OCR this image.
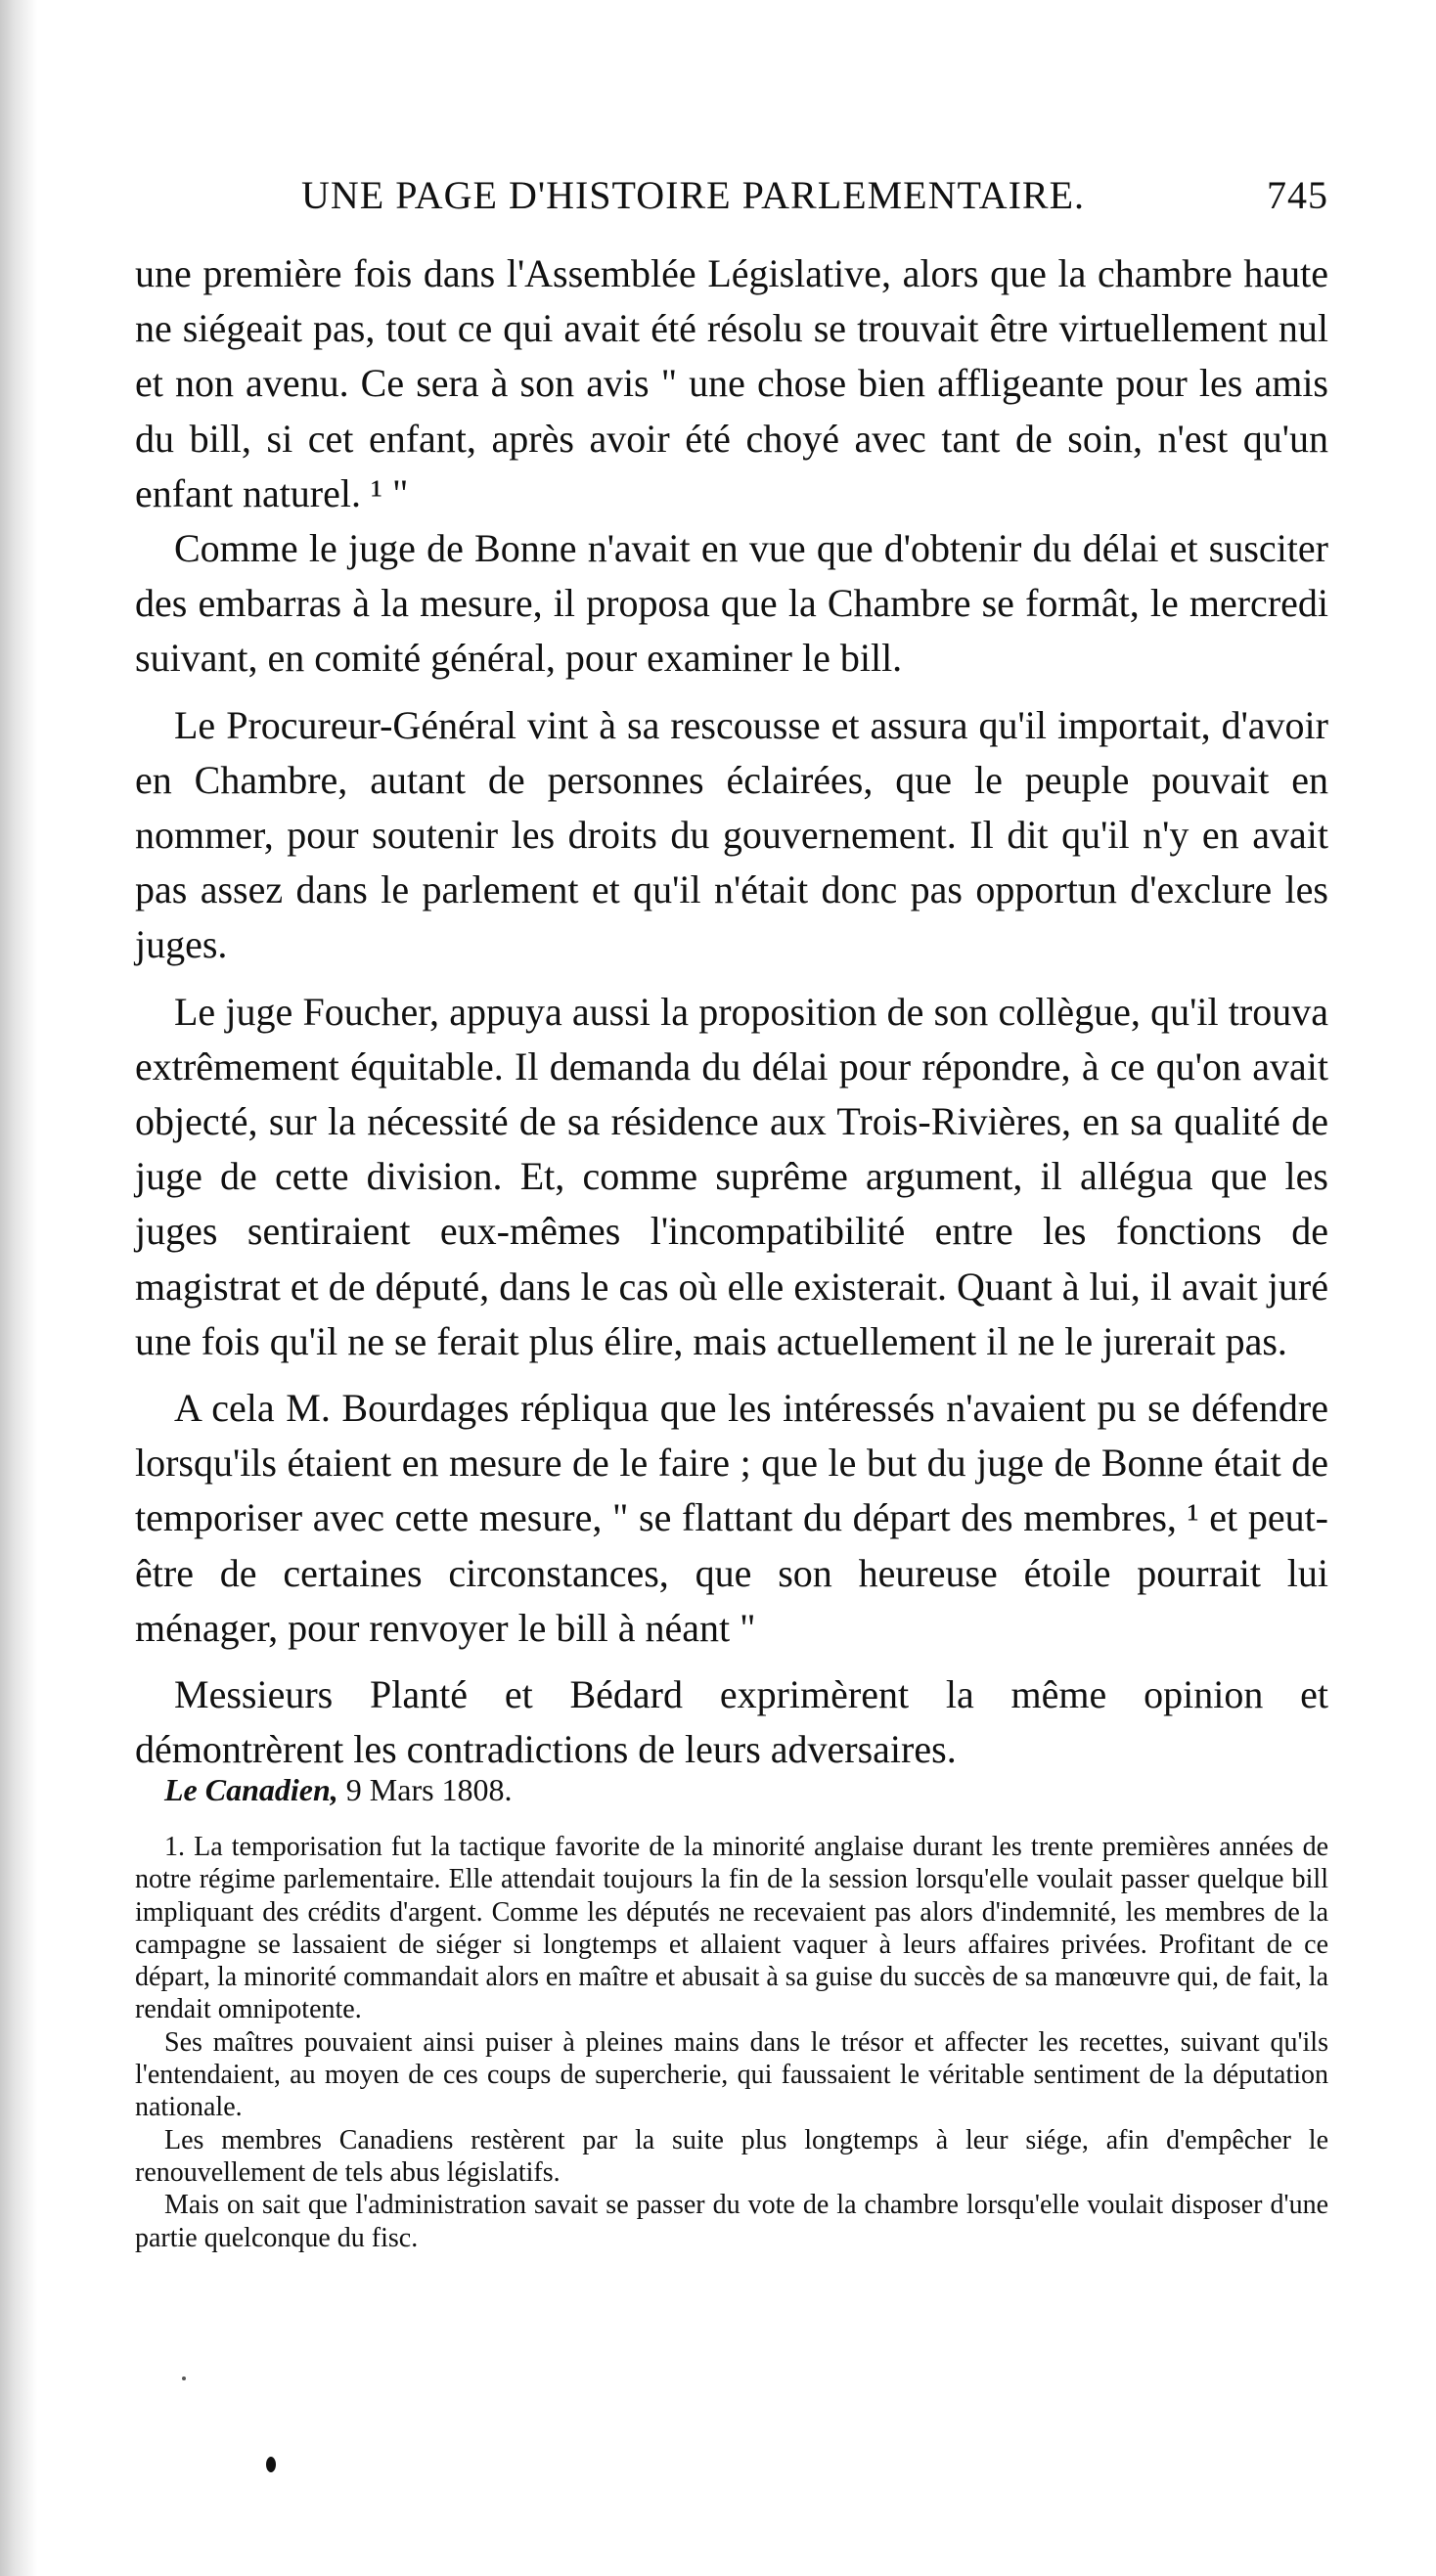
UNE PAGE D'HISTOIRE PARLEMENTAIRE.	745

une première fois dans l'Assemblée Législative, alors que la chambre haute ne siégeait pas, tout ce qui avait été résolu se trouvait être virtuellement nul et non avenu. Ce sera à son avis " une chose bien affligeante pour les amis du bill, si cet enfant, après avoir été choyé avec tant de soin, n'est qu'un enfant naturel. ¹ "

Comme le juge de Bonne n'avait en vue que d'obtenir du délai et susciter des embarras à la mesure, il proposa que la Chambre se formât, le mercredi suivant, en comité général, pour examiner le bill.

Le Procureur-Général vint à sa rescousse et assura qu'il importait, d'avoir en Chambre, autant de personnes éclairées, que le peuple pouvait en nommer, pour soutenir les droits du gouvernement. Il dit qu'il n'y en avait pas assez dans le parlement et qu'il n'était donc pas opportun d'exclure les juges.

Le juge Foucher, appuya aussi la proposition de son collègue, qu'il trouva extrêmement équitable. Il demanda du délai pour répondre, à ce qu'on avait objecté, sur la nécessité de sa résidence aux Trois-Rivières, en sa qualité de juge de cette division. Et, comme suprême argument, il allégua que les juges sentiraient eux-mêmes l'incompatibilité entre les fonctions de magistrat et de député, dans le cas où elle existerait. Quant à lui, il avait juré une fois qu'il ne se ferait plus élire, mais actuellement il ne le jurerait pas.

A cela M. Bourdages répliqua que les intéressés n'avaient pu se défendre lorsqu'ils étaient en mesure de le faire ; que le but du juge de Bonne était de temporiser avec cette mesure, " se flattant du départ des membres, ¹ et peut-être de certaines circonstances, que son heureuse étoile pourrait lui ménager, pour renvoyer le bill à néant "

Messieurs Planté et Bédard exprimèrent la même opinion et démontrèrent les contradictions de leurs adversaires.

Le Canadien, 9 Mars 1808.

1. La temporisation fut la tactique favorite de la minorité anglaise durant les trente premières années de notre régime parlementaire. Elle attendait toujours la fin de la session lorsqu'elle voulait passer quelque bill impliquant des crédits d'argent. Comme les députés ne recevaient pas alors d'indemnité, les membres de la campagne se lassaient de siéger si longtemps et allaient vaquer à leurs affaires privées. Profitant de ce départ, la minorité commandait alors en maître et abusait à sa guise du succès de sa manœuvre qui, de fait, la rendait omnipotente.

Ses maîtres pouvaient ainsi puiser à pleines mains dans le trésor et affecter les recettes, suivant qu'ils l'entendaient, au moyen de ces coups de supercherie, qui faussaient le véritable sentiment de la députation nationale.

Les membres Canadiens restèrent par la suite plus longtemps à leur siége, afin d'empêcher le renouvellement de tels abus législatifs.

Mais on sait que l'administration savait se passer du vote de la chambre lorsqu'elle voulait disposer d'une partie quelconque du fisc.
